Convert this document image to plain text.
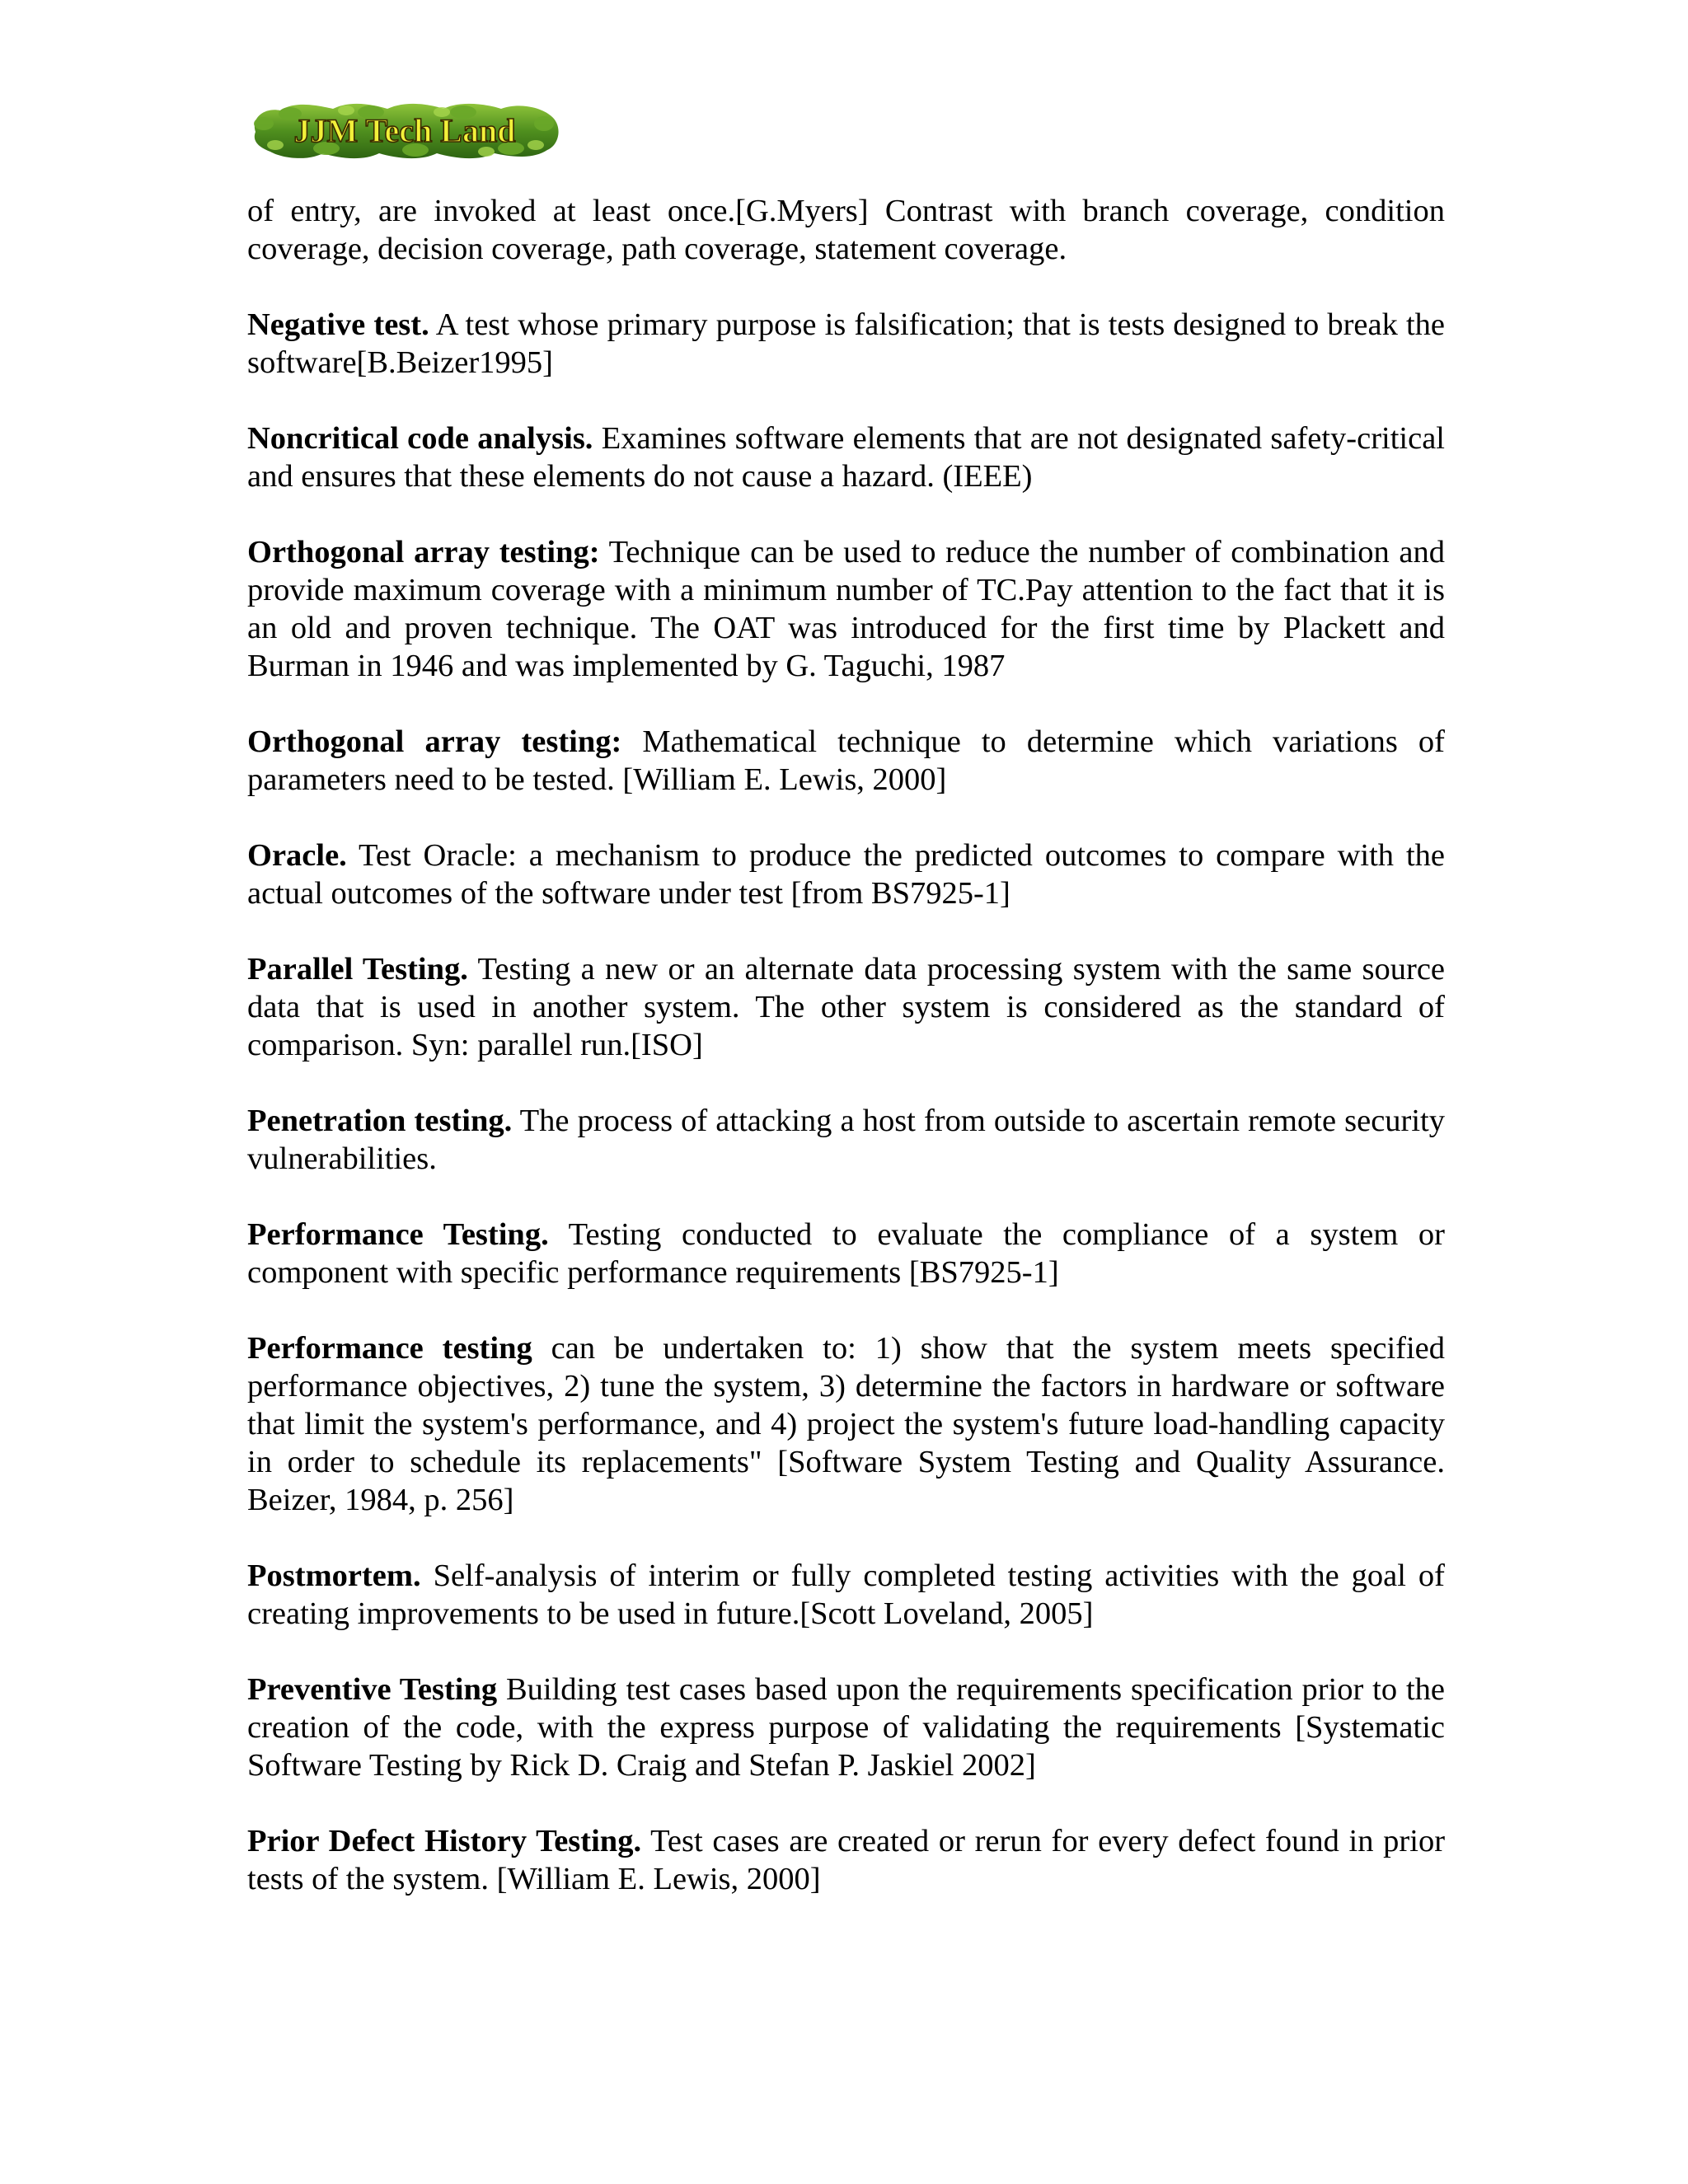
JJM Tech Land

of entry, are invoked at least once.[G.Myers] Contrast with branch coverage, condition coverage, decision coverage, path coverage, statement coverage.

Negative test. A test whose primary purpose is falsification; that is tests designed to break the software[B.Beizer1995]

Noncritical code analysis. Examines software elements that are not designated safety-critical and ensures that these elements do not cause a hazard. (IEEE)

Orthogonal array testing: Technique can be used to reduce the number of combination and provide maximum coverage with a minimum number of TC.Pay attention to the fact that it is an old and proven technique. The OAT was introduced for the first time by Plackett and Burman in 1946 and was implemented by G. Taguchi, 1987

Orthogonal array testing: Mathematical technique to determine which variations of parameters need to be tested. [William E. Lewis, 2000]

Oracle. Test Oracle: a mechanism to produce the predicted outcomes to compare with the actual outcomes of the software under test [from BS7925-1]

Parallel Testing. Testing a new or an alternate data processing system with the same source data that is used in another system. The other system is considered as the standard of comparison. Syn: parallel run.[ISO]

Penetration testing. The process of attacking a host from outside to ascertain remote security vulnerabilities.

Performance Testing. Testing conducted to evaluate the compliance of a system or component with specific performance requirements [BS7925-1]

Performance testing can be undertaken to: 1) show that the system meets specified performance objectives, 2) tune the system, 3) determine the factors in hardware or software that limit the system's performance, and 4) project the system's future load-handling capacity in order to schedule its replacements" [Software System Testing and Quality Assurance. Beizer, 1984, p. 256]

Postmortem. Self-analysis of interim or fully completed testing activities with the goal of creating improvements to be used in future.[Scott Loveland, 2005]

Preventive Testing Building test cases based upon the requirements specification prior to the creation of the code, with the express purpose of validating the requirements [Systematic Software Testing by Rick D. Craig and Stefan P. Jaskiel 2002]

Prior Defect History Testing. Test cases are created or rerun for every defect found in prior tests of the system. [William E. Lewis, 2000]
